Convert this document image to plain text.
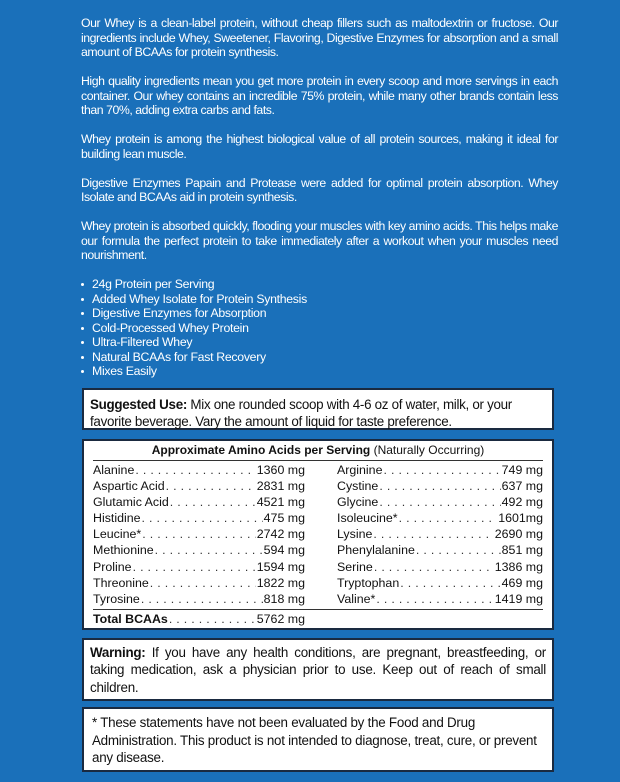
Our Whey is a clean-label protein, without cheap fillers such as maltodextrin or fructose. Our ingredients include Whey, Sweetener, Flavoring, Digestive Enzymes for absorption and a small amount of BCAAs for protein synthesis.

High quality ingredients mean you get more protein in every scoop and more servings in each container. Our whey contains an incredible 75% protein, while many other brands contain less than 70%, adding extra carbs and fats.

Whey protein is among the highest biological value of all protein sources, making it ideal for building lean muscle.

Digestive Enzymes Papain and Protease were added for optimal protein absorption. Whey Isolate and BCAAs aid in protein synthesis.

Whey protein is absorbed quickly, flooding your muscles with key amino acids. This helps make our formula the perfect protein to take immediately after a workout when your muscles need nourishment.

24g Protein per Serving
Added Whey Isolate for Protein Synthesis
Digestive Enzymes for Absorption
Cold-Processed Whey Protein
Ultra-Filtered Whey
Natural BCAAs for Fast Recovery
Mixes Easily
Suggested Use: Mix one rounded scoop with 4-6 oz of water, milk, or your favorite beverage. Vary the amount of liquid for taste preference.
Approximate Amino Acids per Serving (Naturally Occurring)
Alanine . . .	1360 mg
Aspartic Acid . . .	2831 mg
Glutamic Acid . . .	4521 mg
Histidine . . .	475 mg
Leucine* . . .	2742 mg
Methionine . . .	594 mg
Proline . . .	1594 mg
Threonine . . .	1822 mg
Tyrosine . . .	818 mg
Arginine . . .	749 mg
Cystine . . .	637 mg
Glycine . . .	492 mg
Isoleucine* . . .	1601mg
Lysine . . .	2690 mg
Phenylalanine . . .	851 mg
Serine . . .	1386 mg
Tryptophan . . .	469 mg
Valine* . . .	1419 mg
Total BCAAs . . .	5762 mg
Warning: If you have any health conditions, are pregnant, breastfeeding, or taking medication, ask a physician prior to use. Keep out of reach of small children.
* These statements have not been evaluated by the Food and Drug Administration. This product is not intended to diagnose, treat, cure, or prevent any disease.
